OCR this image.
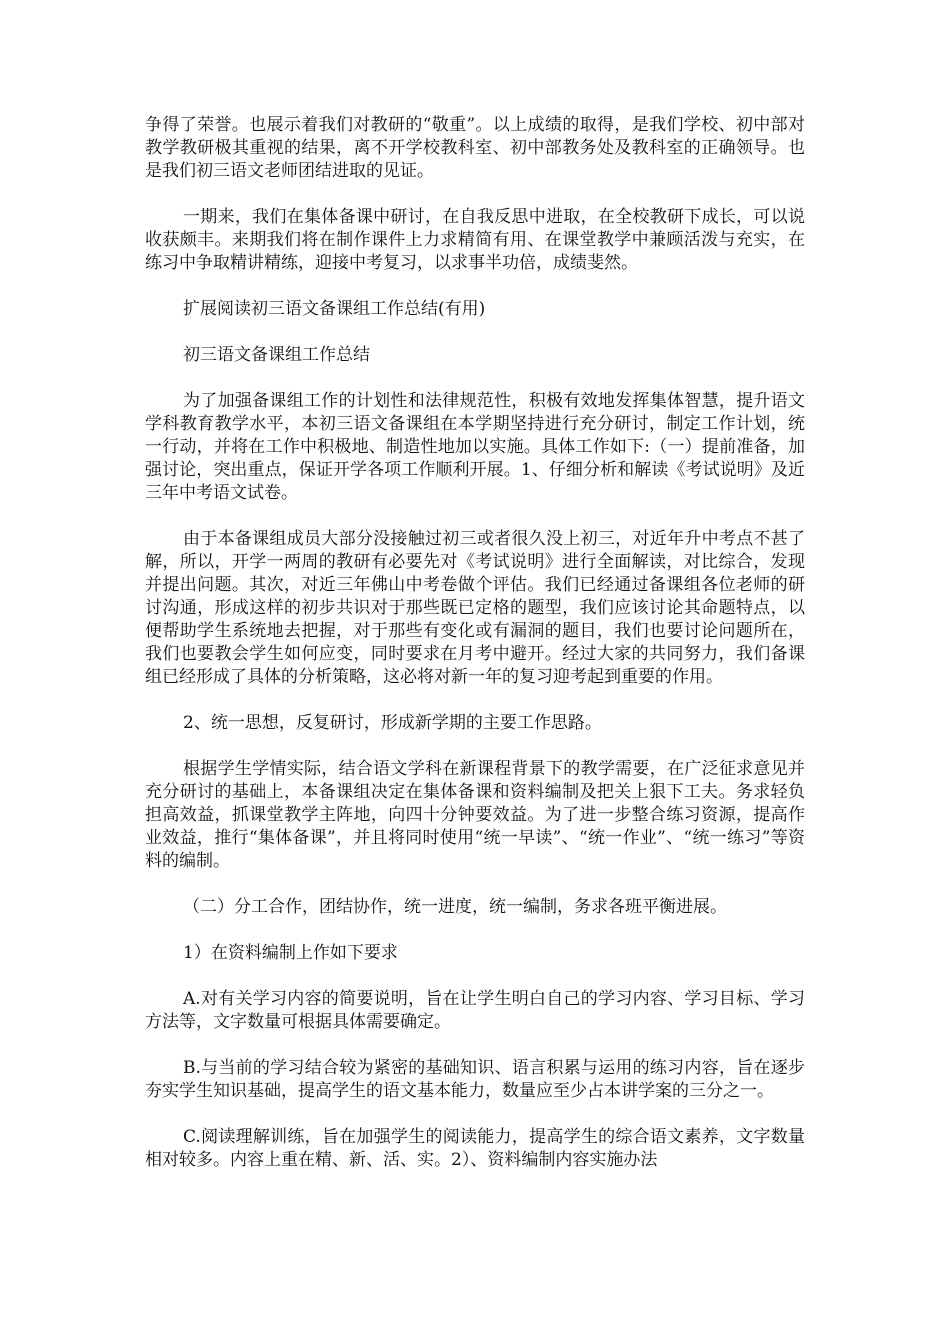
争得了荣誉。也展示着我们对教研的“敬重”。以上成绩的取得，是我们学校、初中部对教学教研极其重视的结果，离不开学校教科室、初中部教务处及教科室的正确领导。也是我们初三语文老师团结进取的见证。

一期来，我们在集体备课中研讨，在自我反思中进取，在全校教研下成长，可以说收获颇丰。来期我们将在制作课件上力求精简有用、在课堂教学中兼顾活泼与充实，在练习中争取精讲精练，迎接中考复习，以求事半功倍，成绩斐然。

扩展阅读初三语文备课组工作总结(有用)

初三语文备课组工作总结

为了加强备课组工作的计划性和法律规范性，积极有效地发挥集体智慧，提升语文学科教育教学水平，本初三语文备课组在本学期坚持进行充分研讨，制定工作计划，统一行动，并将在工作中积极地、制造性地加以实施。具体工作如下:（一）提前准备，加强讨论，突出重点，保证开学各项工作顺利开展。1、仔细分析和解读《考试说明》及近三年中考语文试卷。

由于本备课组成员大部分没接触过初三或者很久没上初三，对近年升中考点不甚了解，所以，开学一两周的教研有必要先对《考试说明》进行全面解读，对比综合，发现并提出问题。其次，对近三年佛山中考卷做个评估。我们已经通过备课组各位老师的研讨沟通，形成这样的初步共识对于那些既已定格的题型，我们应该讨论其命题特点，以便帮助学生系统地去把握，对于那些有变化或有漏洞的题目，我们也要讨论问题所在，我们也要教会学生如何应变，同时要求在月考中避开。经过大家的共同努力，我们备课组已经形成了具体的分析策略，这必将对新一年的复习迎考起到重要的作用。

2、统一思想，反复研讨，形成新学期的主要工作思路。

根据学生学情实际，结合语文学科在新课程背景下的教学需要，在广泛征求意见并充分研讨的基础上，本备课组决定在集体备课和资料编制及把关上狠下工夫。务求轻负担高效益，抓课堂教学主阵地，向四十分钟要效益。为了进一步整合练习资源，提高作业效益，推行“集体备课”，并且将同时使用“统一早读”、“统一作业”、“统一练习”等资料的编制。

（二）分工合作，团结协作，统一进度，统一编制，务求各班平衡进展。

1）在资料编制上作如下要求

A.对有关学习内容的简要说明，旨在让学生明白自己的学习内容、学习目标、学习方法等，文字数量可根据具体需要确定。

B.与当前的学习结合较为紧密的基础知识、语言积累与运用的练习内容，旨在逐步夯实学生知识基础，提高学生的语文基本能力，数量应至少占本讲学案的三分之一。

C.阅读理解训练，旨在加强学生的阅读能力，提高学生的综合语文素养，文字数量相对较多。内容上重在精、新、活、实。2）、资料编制内容实施办法
